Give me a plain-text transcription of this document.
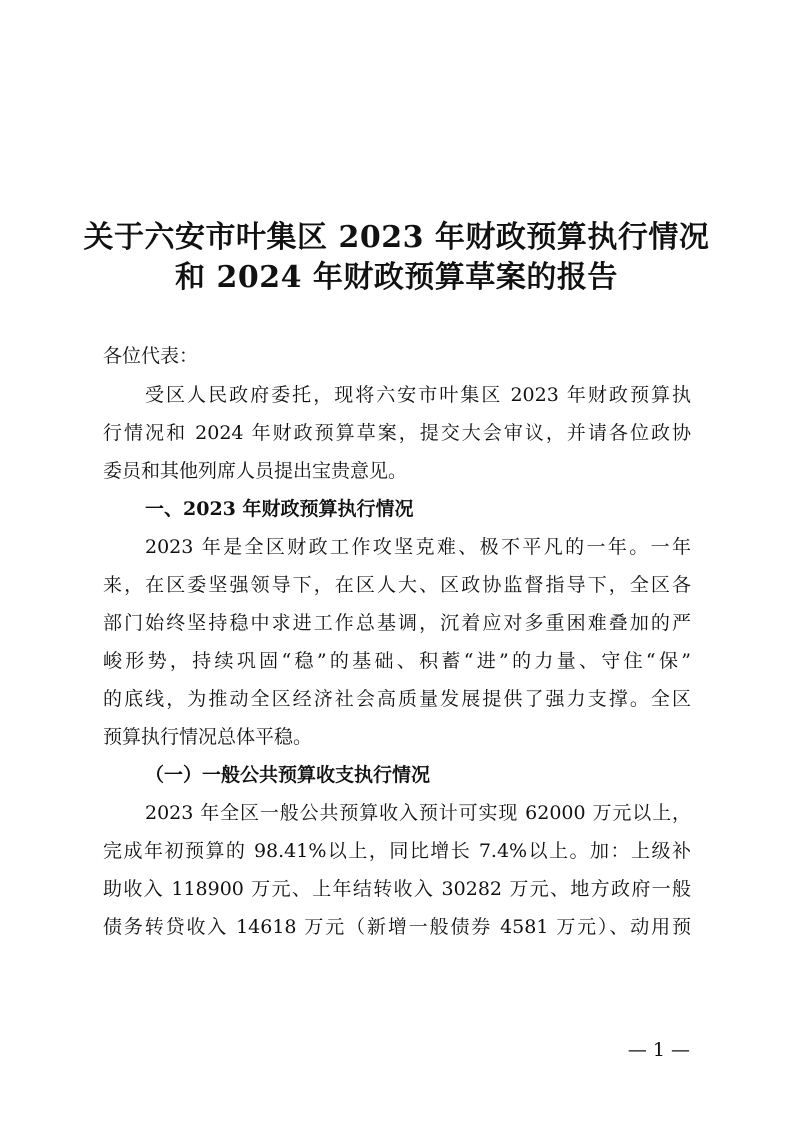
关于六安市叶集区 2023 年财政预算执行情况
和 2024 年财政预算草案的报告
各位代表：
受区人民政府委托，现将六安市叶集区 2023 年财政预算执
行情况和 2024 年财政预算草案，提交大会审议，并请各位政协
委员和其他列席人员提出宝贵意见。
一、2023 年财政预算执行情况
2023 年是全区财政工作攻坚克难、极不平凡的一年。一年
来，在区委坚强领导下，在区人大、区政协监督指导下，全区各
部门始终坚持稳中求进工作总基调，沉着应对多重困难叠加的严
峻形势，持续巩固“稳”的基础、积蓄“进”的力量、守住“保”
的底线，为推动全区经济社会高质量发展提供了强力支撑。全区
预算执行情况总体平稳。
（一）一般公共预算收支执行情况
2023 年全区一般公共预算收入预计可实现 62000 万元以上，
完成年初预算的 98.41%以上，同比增长 7.4%以上。加：上级补
助收入 118900 万元、上年结转收入 30282 万元、地方政府一般
债务转贷收入 14618 万元（新增一般债券 4581 万元）、动用预
— 1 —
